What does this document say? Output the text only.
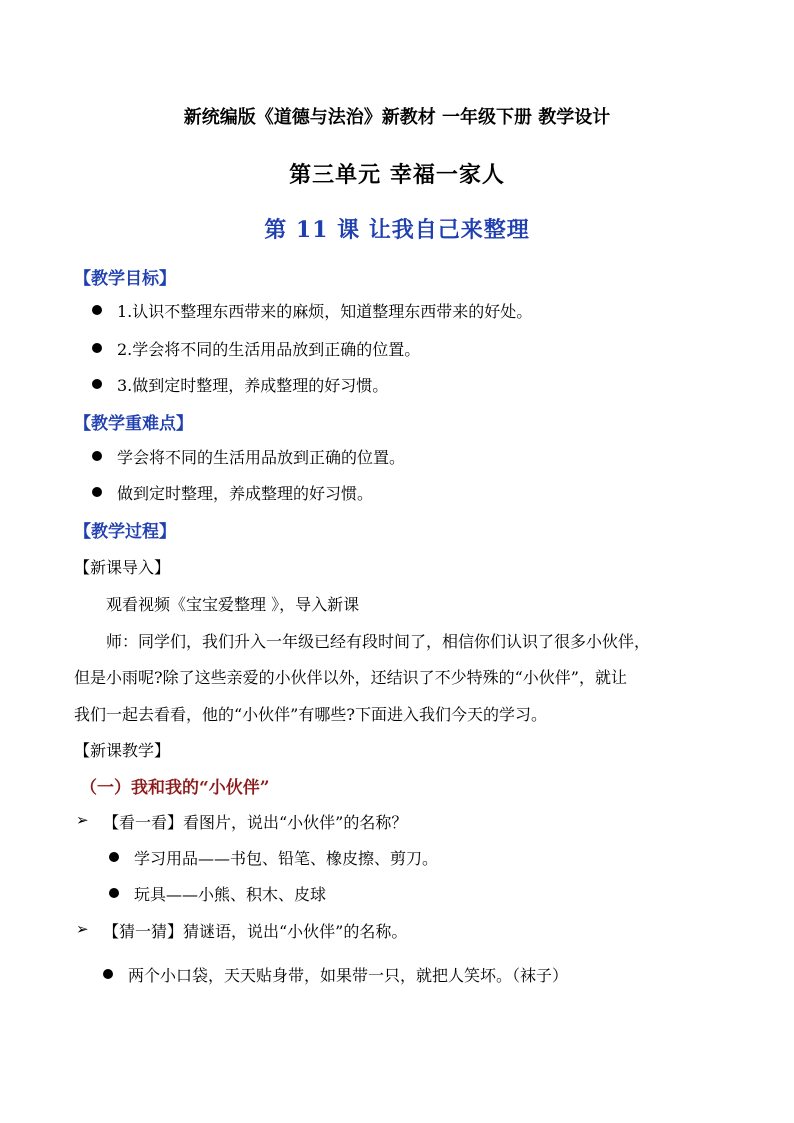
新统编版《道德与法治》新教材 一年级下册 教学设计
第三单元 幸福一家人
第 11 课 让我自己来整理
【教学目标】
1.认识不整理东西带来的麻烦，知道整理东西带来的好处。
2.学会将不同的生活用品放到正确的位置。
3.做到定时整理，养成整理的好习惯。
【教学重难点】
学会将不同的生活用品放到正确的位置。
做到定时整理，养成整理的好习惯。
【教学过程】
【新课导入】
观看视频《宝宝爱整理 》，导入新课
师：同学们，我们升入一年级已经有段时间了，相信你们认识了很多小伙伴，
但是小雨呢?除了这些亲爱的小伙伴以外，还结识了不少特殊的“小伙伴”，就让
我们一起去看看，他的“小伙伴”有哪些?下面进入我们今天的学习。
【新课教学】
（一）我和我的“小伙伴”
➢ 【看一看】看图片，说出“小伙伴”的名称？
学习用品——书包、铅笔、橡皮擦、剪刀。
玩具——小熊、积木、皮球
➢ 【猜一猜】猜谜语，说出“小伙伴”的名称。
两个小口袋，天天贴身带，如果带一只，就把人笑坏。（袜子）
